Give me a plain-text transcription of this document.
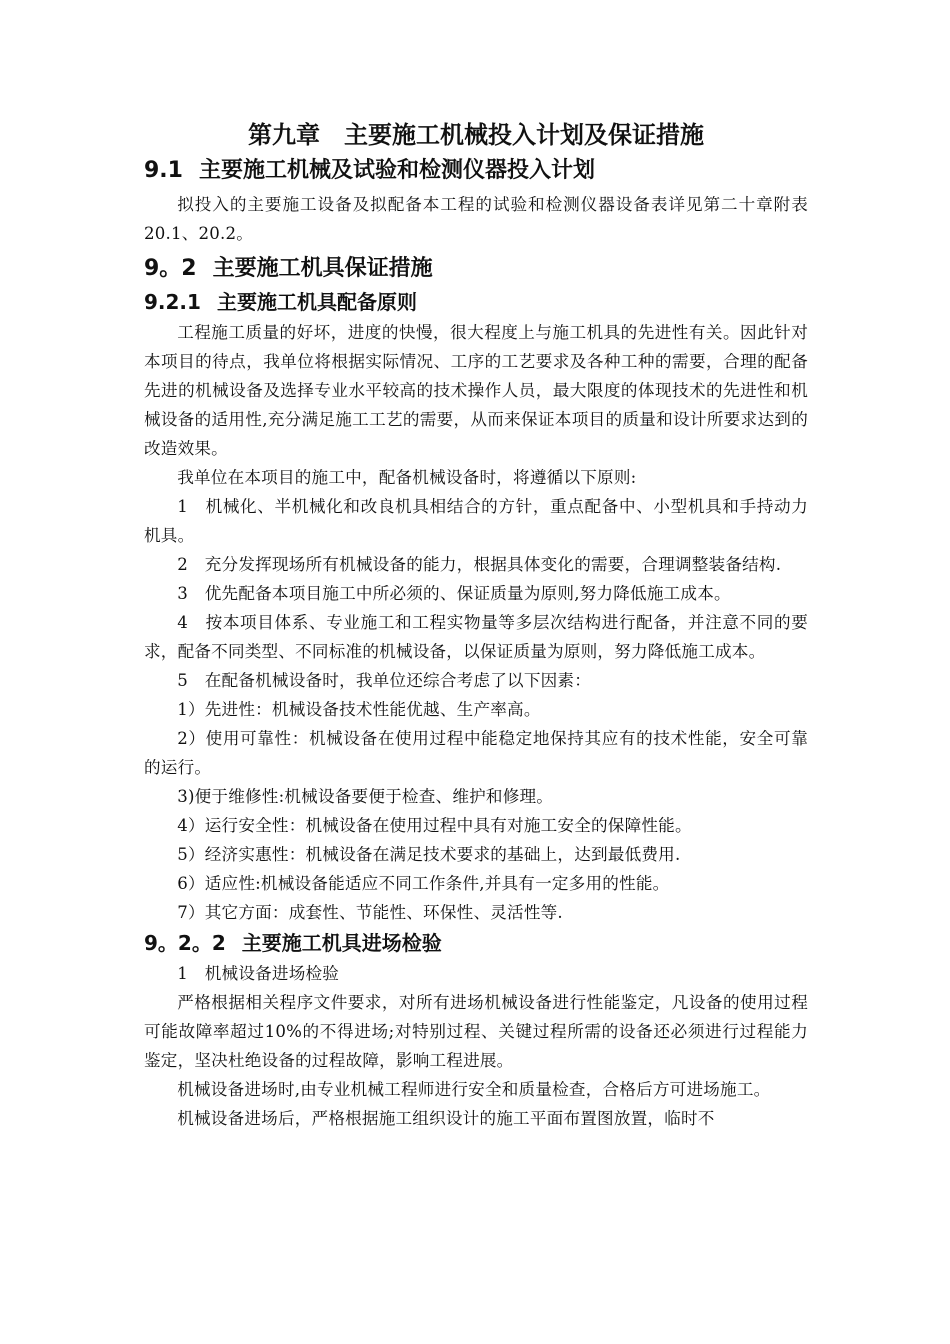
第九章　主要施工机械投入计划及保证措施
9.1 主要施工机械及试验和检测仪器投入计划

拟投入的主要施工设备及拟配备本工程的试验和检测仪器设备表详见第二十章附表20.1、20.2。

9。2 主要施工机具保证措施
9.2.1 主要施工机具配备原则

工程施工质量的好坏，进度的快慢，很大程度上与施工机具的先进性有关。因此针对本项目的待点，我单位将根据实际情况、工序的工艺要求及各种工种的需要，合理的配备先进的机械设备及选择专业水平较高的技术操作人员，最大限度的体现技术的先进性和机械设备的适用性,充分满足施工工艺的需要，从而来保证本项目的质量和设计所要求达到的改造效果。

我单位在本项目的施工中，配备机械设备时，将遵循以下原则:

1　机械化、半机械化和改良机具相结合的方针，重点配备中、小型机具和手持动力机具。

2　充分发挥现场所有机械设备的能力，根据具体变化的需要，合理调整装备结构.

3　优先配备本项目施工中所必须的、保证质量为原则,努力降低施工成本。

4　按本项目体系、专业施工和工程实物量等多层次结构进行配备，并注意不同的要求，配备不同类型、不同标准的机械设备，以保证质量为原则，努力降低施工成本。

5　在配备机械设备时，我单位还综合考虑了以下因素：

1）先进性：机械设备技术性能优越、生产率高。

2）使用可靠性：机械设备在使用过程中能稳定地保持其应有的技术性能，安全可靠的运行。

3)便于维修性:机械设备要便于检查、维护和修理。

4）运行安全性：机械设备在使用过程中具有对施工安全的保障性能。

5）经济实惠性：机械设备在满足技术要求的基础上，达到最低费用.

6）适应性:机械设备能适应不同工作条件,并具有一定多用的性能。

7）其它方面：成套性、节能性、环保性、灵活性等.

9。2。2 主要施工机具进场检验

1　机械设备进场检验

严格根据相关程序文件要求，对所有进场机械设备进行性能鉴定，凡设备的使用过程可能故障率超过10%的不得进场;对特别过程、关键过程所需的设备还必须进行过程能力鉴定，坚决杜绝设备的过程故障，影响工程进展。

机械设备进场时,由专业机械工程师进行安全和质量检查，合格后方可进场施工。

机械设备进场后，严格根据施工组织设计的施工平面布置图放置，临时不
